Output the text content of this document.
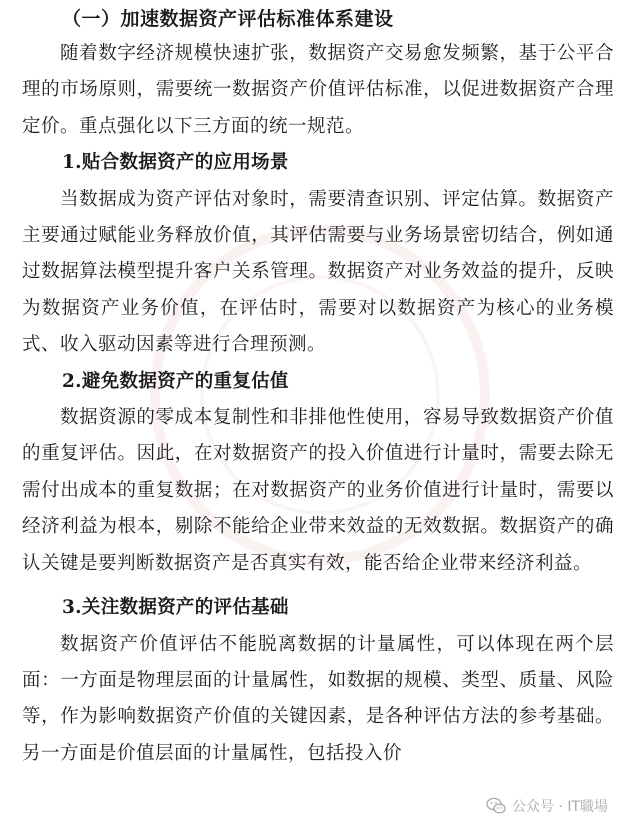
（一）加速数据资产评估标准体系建设

随着数字经济规模快速扩张，数据资产交易愈发频繁，基于公平合理的市场原则，需要统一数据资产价值评估标准，以促进数据资产合理定价。重点强化以下三方面的统一规范。

1.贴合数据资产的应用场景

当数据成为资产评估对象时，需要清查识别、评定估算。数据资产主要通过赋能业务释放价值，其评估需要与业务场景密切结合，例如通过数据算法模型提升客户关系管理。数据资产对业务效益的提升，反映为数据资产业务价值，在评估时，需要对以数据资产为核心的业务模式、收入驱动因素等进行合理预测。

2.避免数据资产的重复估值

数据资源的零成本复制性和非排他性使用，容易导致数据资产价值的重复评估。因此，在对数据资产的投入价值进行计量时，需要去除无需付出成本的重复数据；在对数据资产的业务价值进行计量时，需要以经济利益为根本，剔除不能给企业带来效益的无效数据。数据资产的确认关键是要判断数据资产是否真实有效，能否给企业带来经济利益。

3.关注数据资产的评估基础

数据资产价值评估不能脱离数据的计量属性，可以体现在两个层面：一方面是物理层面的计量属性，如数据的规模、类型、质量、风险等，作为影响数据资产价值的关键因素，是各种评估方法的参考基础。另一方面是价值层面的计量属性，包括投入价

公众号 · IT職場
